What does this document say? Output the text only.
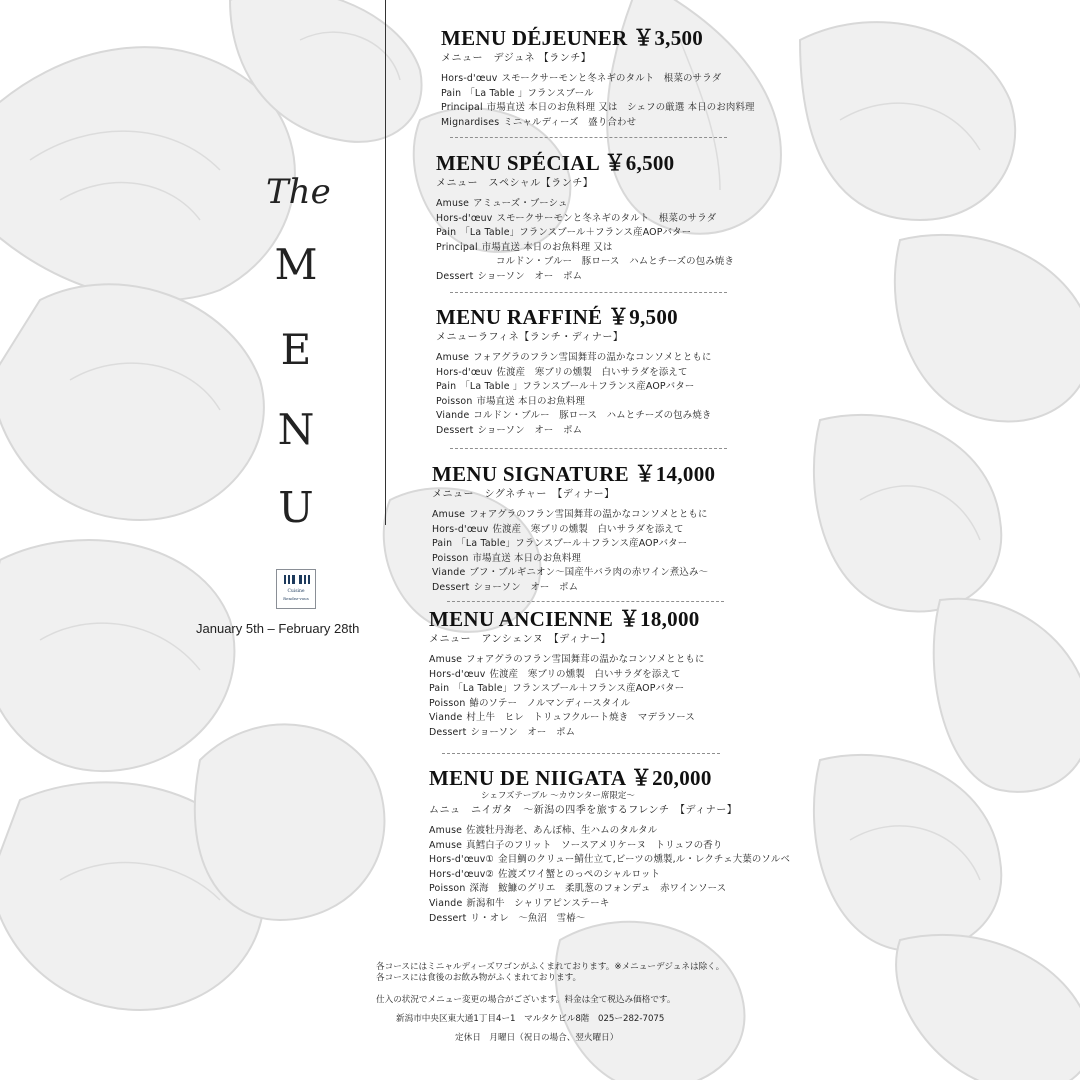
The
M
E
N
U
Cuisine
Rendez-vous
January 5th – February 28th
MENU DÉJEUNER ￥3,500
メニュー　デジュネ 【ランチ】
Hors-d'œuv スモークサーモンと冬ネギのタルト　根菜のサラダ
Pain 「La Table 」フランスブール
Principal 市場直送 本日のお魚料理 又は　シェフの厳選 本日のお肉料理
Mignardises ミニャルディーズ　盛り合わせ
MENU SPÉCIAL ￥6,500
メニュー　スペシャル【ランチ】
Amuse アミューズ・ブーシュ
Hors-d'œuv スモークサーモンと冬ネギのタルト　根菜のサラダ
Pain 「La Table」フランスブール＋フランス産AOPバター
Principal 市場直送 本日のお魚料理 又は
コルドン・ブルー　豚ロース　ハムとチーズの包み焼き
Dessert ショーソン　オー　ポム
MENU RAFFINÉ ￥9,500
メニューラフィネ【ランチ・ディナー】
Amuse フォアグラのフラン雪国舞茸の温かなコンソメとともに
Hors-d'œuv 佐渡産　寒ブリの燻製　白いサラダを添えて
Pain 「La Table 」フランスブール＋フランス産AOPバター
Poisson 市場直送 本日のお魚料理
Viande コルドン・ブルー　豚ロース　ハムとチーズの包み焼き
Dessert ショーソン　オー　ポム
MENU SIGNATURE ￥14,000
メニュー　シグネチャー　【ディナー】
Amuse フォアグラのフラン雪国舞茸の温かなコンソメとともに
Hors-d'œuv 佐渡産　寒ブリの燻製　白いサラダを添えて
Pain 「La Table」フランスブール＋フランス産AOPバター
Poisson 市場直送 本日のお魚料理
Viande ブフ・ブルギニオン〜国産牛バラ肉の赤ワイン煮込み〜
Dessert ショーソン　オー　ポム
MENU ANCIENNE ￥18,000
メニュー　アンシェンヌ　【ディナー】
Amuse フォアグラのフラン雪国舞茸の温かなコンソメとともに
Hors-d'œuv 佐渡産　寒ブリの燻製　白いサラダを添えて
Pain 「La Table」フランスブール＋フランス産AOPバター
Poisson 鰆のソテー　ノルマンディースタイル
Viande 村上牛　ヒレ　トリュフクルート焼き　マデラソース
Dessert ショーソン　オー　ポム
MENU DE NIIGATA ￥20,000
シェフズテーブル 〜カウンター席限定〜
ムニュ　ニイガタ　〜新潟の四季を旅するフレンチ　【ディナー】
Amuse 佐渡牡丹海老、あんぽ柿、生ハムのタルタル
Amuse 真鱈白子のフリット　ソースアメリケーヌ　トリュフの香り
Hors-d'œuv① 金目鯛のクリュー鯖仕立て,ビーツの燻製,ル・レクチェ大葉のソルベ
Hors-d'œuv② 佐渡ズワイ蟹とのっぺのシャルロット
Poisson 深海　鮟鱇のグリエ　柔肌葱のフォンデュ　赤ワインソース
Viande 新潟和牛　シャリアピンステーキ
Dessert リ・オレ　〜魚沼　雪椿〜
各コースにはミニャルディーズワゴンがふくまれております。※メニューデジュネは除く。
各コースには食後のお飲み物がふくまれております。
仕入の状況でメニュー変更の場合がございます。料金は全て税込み価格です。
新潟市中央区東大通1丁目4ー1　マルタケビル8階　025ー282-7075
定休日　月曜日（祝日の場合、翌火曜日）
